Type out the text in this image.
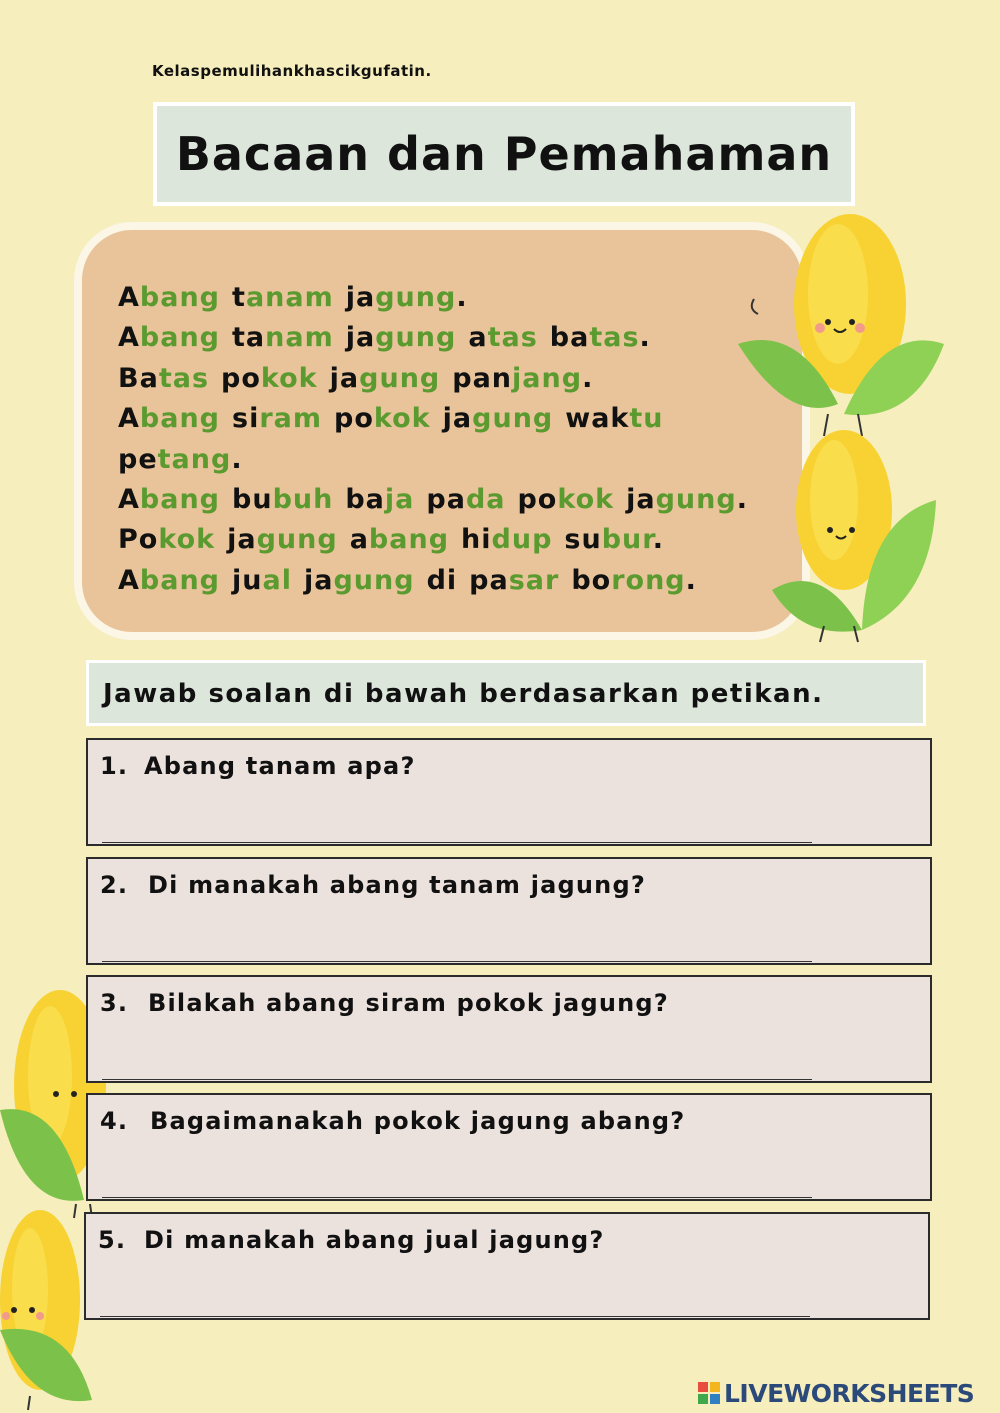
Kelaspemulihankhascikgufatin.
Bacaan dan Pemahaman
Abang tanam jagung.
Abang tanam jagung atas batas.
Batas pokok jagung panjang.
Abang siram pokok jagung waktu
petang.
Abang bubuh baja pada pokok jagung.
Pokok jagung abang hidup subur.
Abang jual jagung di pasar borong.
Jawab soalan di bawah berdasarkan petikan.
1. Abang tanam apa?
2. Di manakah abang tanam jagung?
3. Bilakah abang siram pokok jagung?
4. Bagaimanakah pokok jagung abang?
5. Di manakah abang jual jagung?
LIVEWORKSHEETS
